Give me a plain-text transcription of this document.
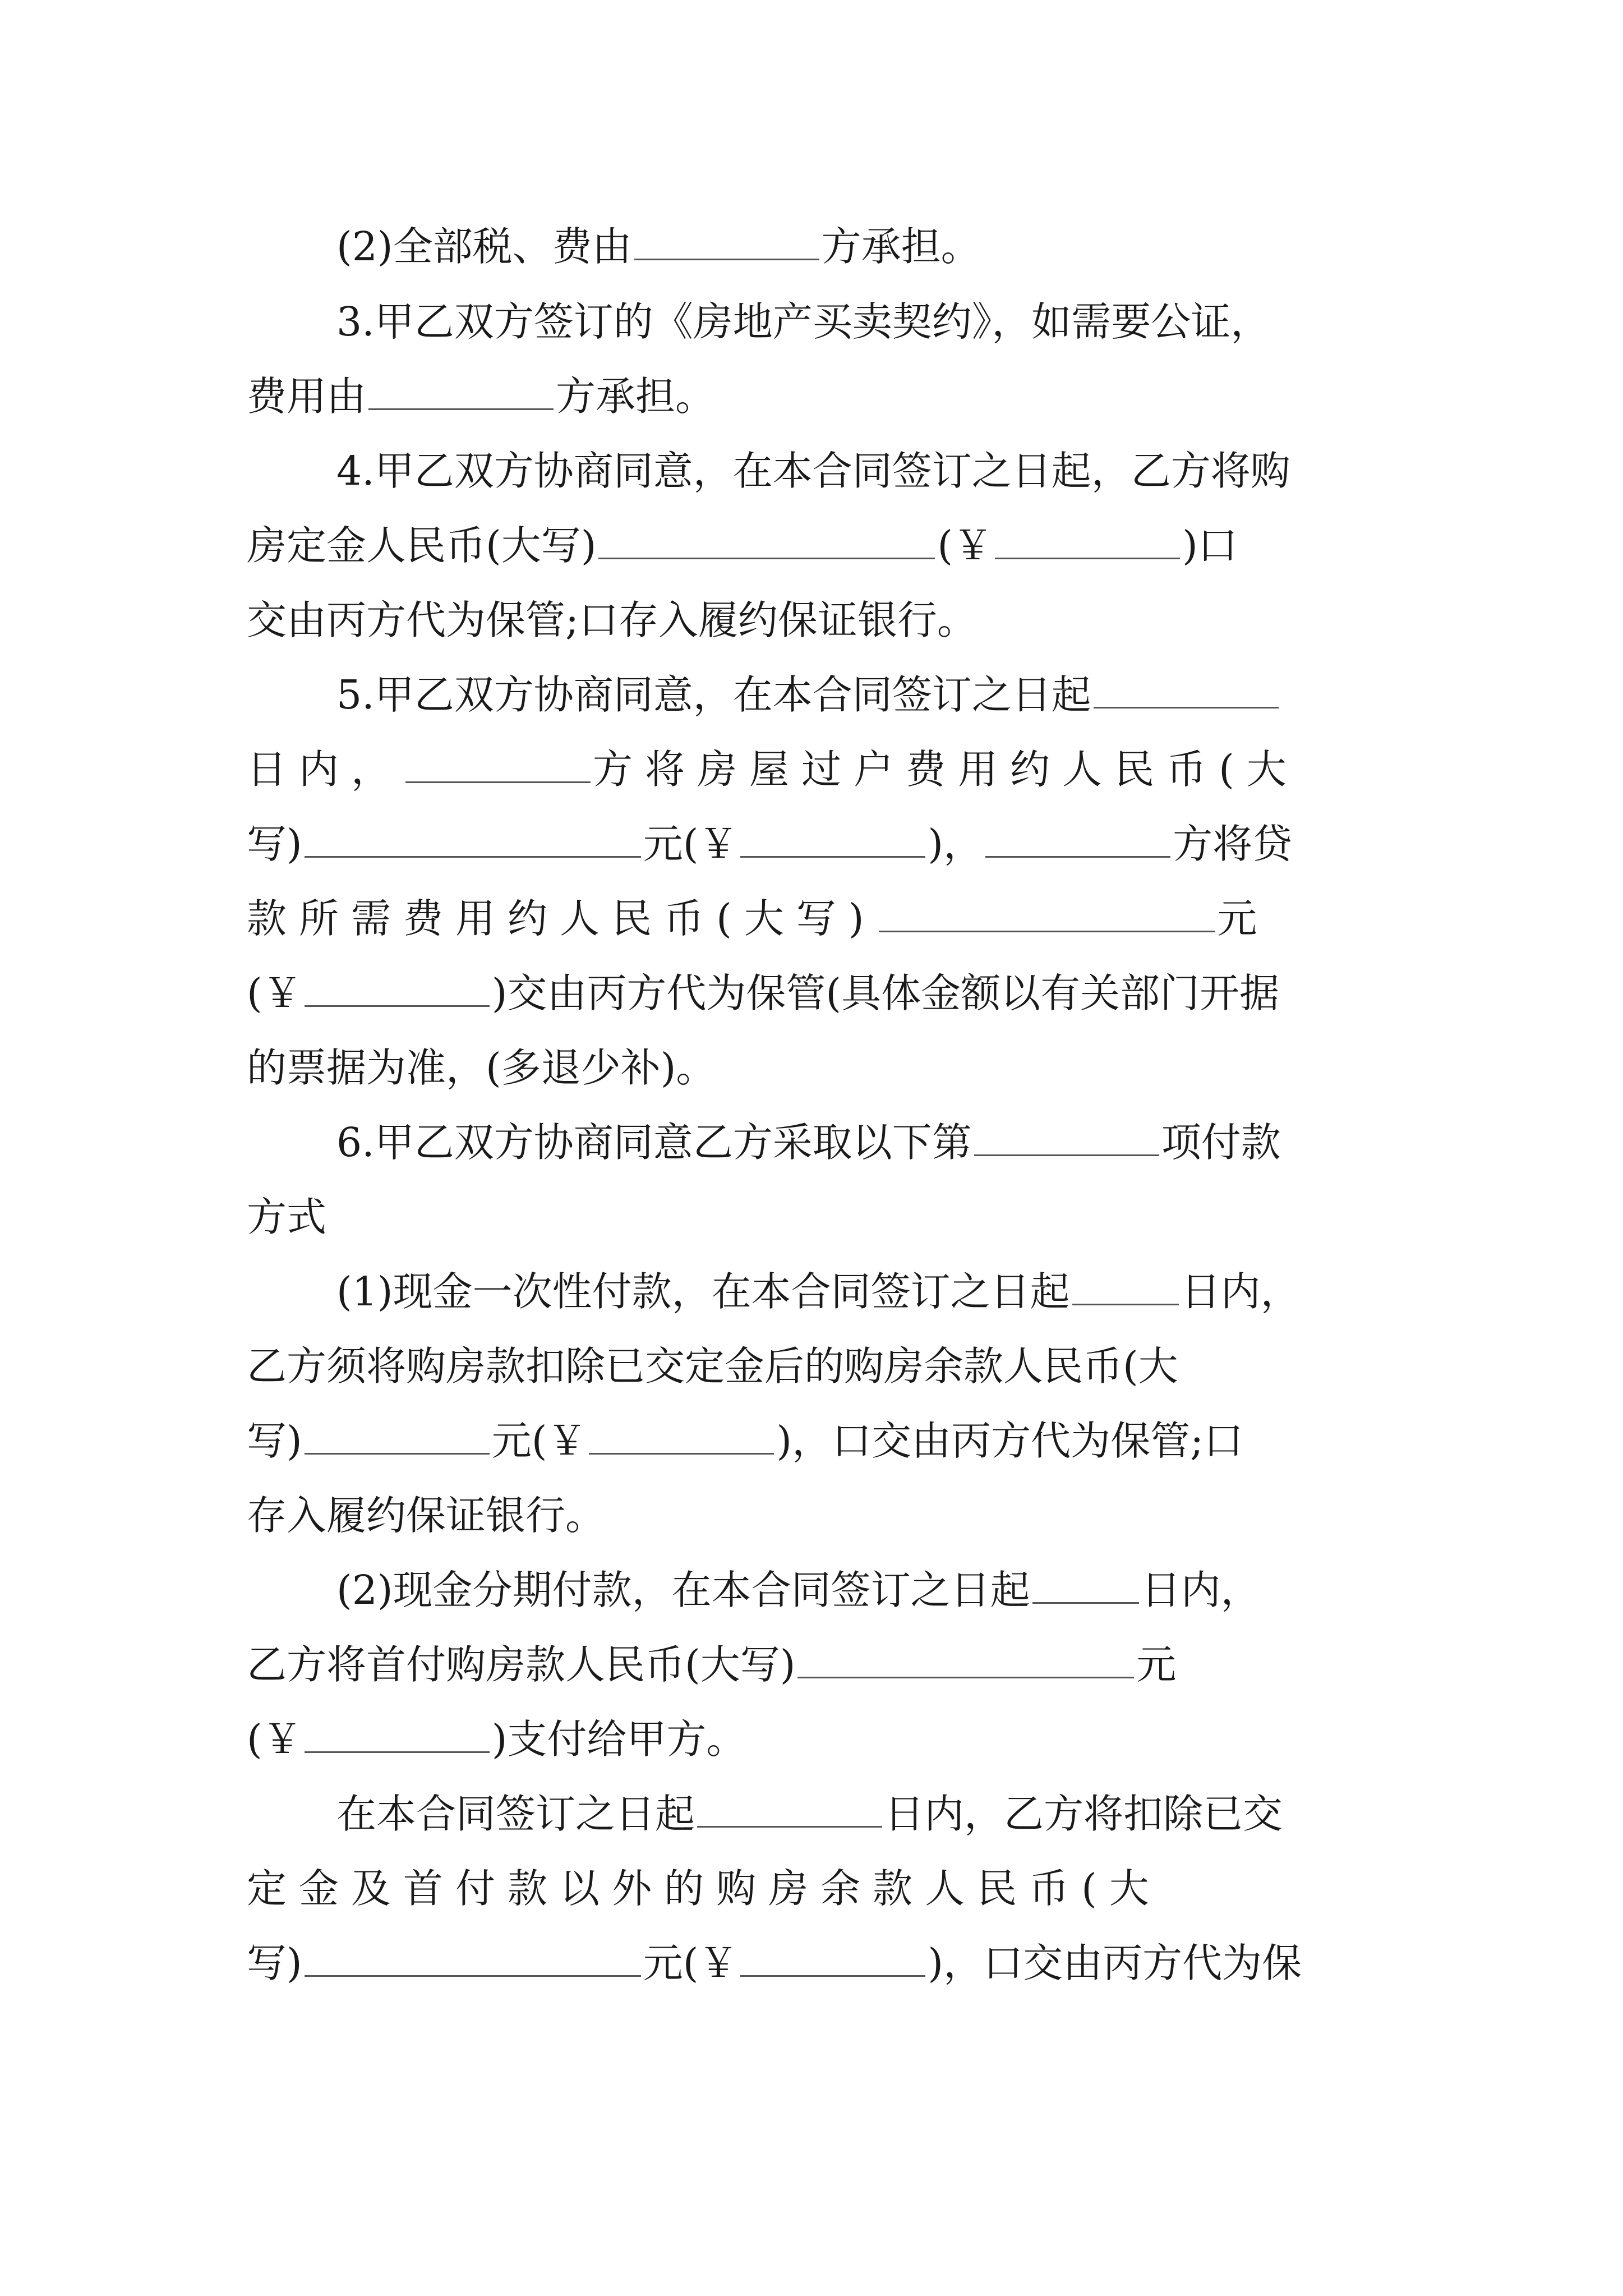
(2)全部税、费由	方承担。
3.甲乙双方签订的《房地产买卖契约》，如需要公证，
费用由	方承担。
4.甲乙双方协商同意，在本合同签订之日起，乙方将购
房定金人民币(大写)	(￥	)口
交由丙方代为保管;口存入履约保证银行。
5.甲乙双方协商同意，在本合同签订之日起
日内，	方将房屋过户费用约人民币(大
写)	元(￥	)，	方将贷
款所需费用约人民币(大写)	元
(￥	)交由丙方代为保管(具体金额以有关部门开据
的票据为准，(多退少补)。
6.甲乙双方协商同意乙方采取以下第	项付款
方式
(1)现金一次性付款，在本合同签订之日起	日内，
乙方须将购房款扣除已交定金后的购房余款人民币(大
写)	元(￥	)，口交由丙方代为保管;口
存入履约保证银行。
(2)现金分期付款，在本合同签订之日起	日内，
乙方将首付购房款人民币(大写)	元
(￥	)支付给甲方。
在本合同签订之日起	日内，乙方将扣除已交
定金及首付款以外的购房余款人民币(大
写)	元(￥	)，口交由丙方代为保
